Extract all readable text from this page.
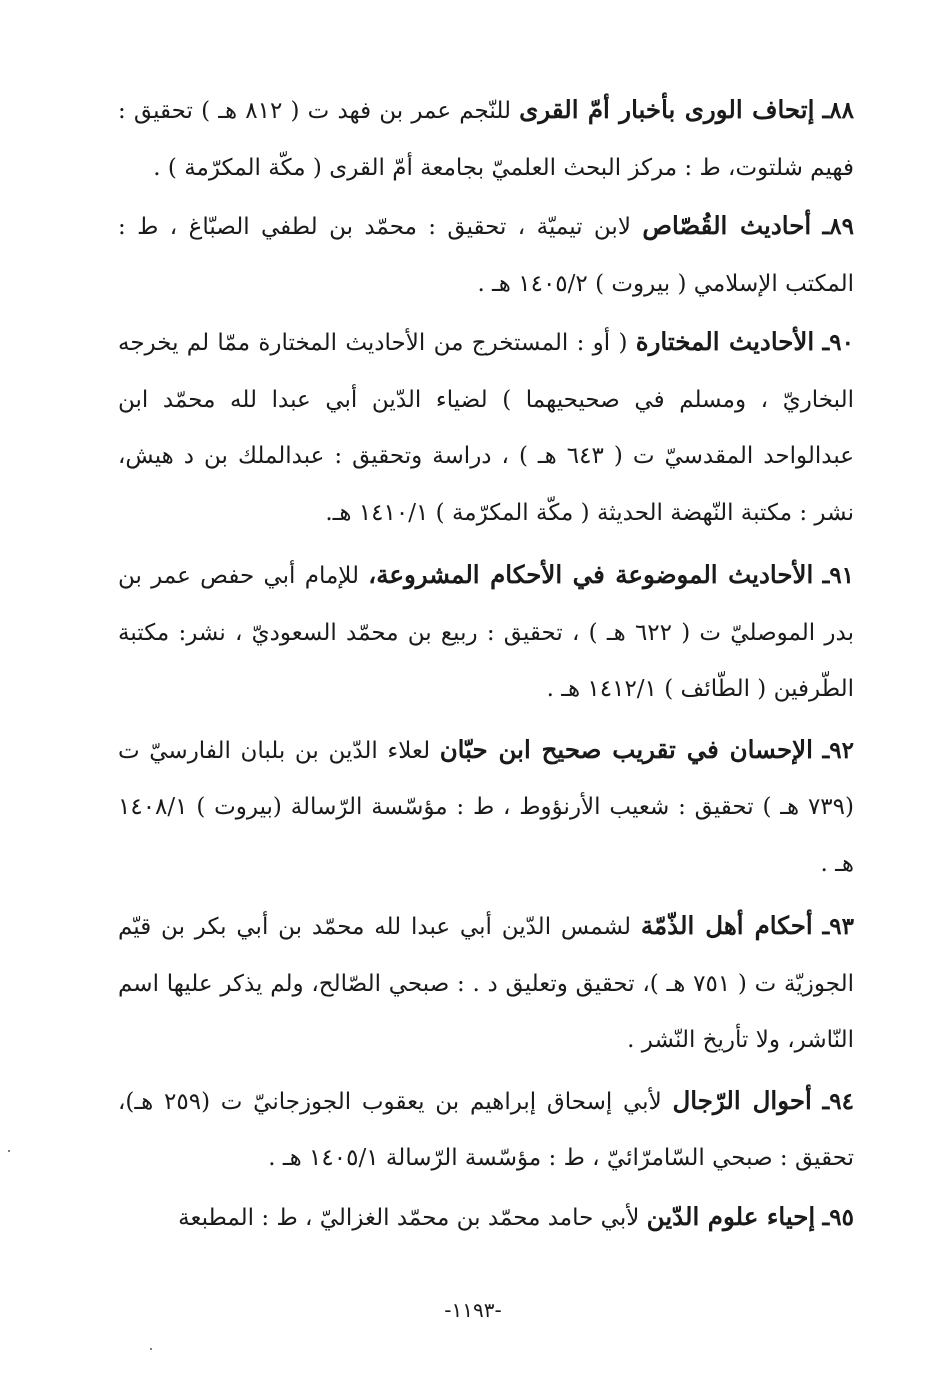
٨٨ـ إتحاف الورى بأخبار أمّ القرى للنّجم عمر بن فهد ت ( ٨١٢ هـ ) تحقيق : فهيم شلتوت، ط : مركز البحث العلميّ بجامعة أمّ القرى ( مكّة المكرّمة ) .
٨٩ـ أحاديث القُصّاص لابن تيميّة ، تحقيق : محمّد بن لطفي الصبّاغ ، ط : المكتب الإسلامي ( بيروت ) ١٤٠٥/٢ هـ .
٩٠ـ الأحاديث المختارة ( أو : المستخرج من الأحاديث المختارة ممّا لم يخرجه البخاريّ ، ومسلم في صحيحيهما ) لضياء الدّين أبي عبدا لله محمّد ابن عبدالواحد المقدسيّ ت ( ٦٤٣ هـ ) ، دراسة وتحقيق : عبدالملك بن د هيش، نشر : مكتبة النّهضة الحديثة ( مكّة المكرّمة ) ١٤١٠/١ هـ.
٩١ـ الأحاديث الموضوعة في الأحكام المشروعة، للإمام أبي حفص عمر بن بدر الموصليّ ت ( ٦٢٢ هـ ) ، تحقيق : ربيع بن محمّد السعوديّ ، نشر: مكتبة الطّرفين ( الطّائف ) ١٤١٢/١ هـ .
٩٢ـ الإحسان في تقريب صحيح ابن حبّان لعلاء الدّين بن بلبان الفارسيّ ت (٧٣٩ هـ ) تحقيق : شعيب الأرنؤوط ، ط : مؤسّسة الرّسالة (بيروت ) ١٤٠٨/١ هـ .
٩٣ـ أحكام أهل الذّمّة لشمس الدّين أبي عبدا لله محمّد بن أبي بكر بن قيّم الجوزيّة ت ( ٧٥١ هـ )، تحقيق وتعليق د . : صبحي الصّالح، ولم يذكر عليها اسم النّاشر، ولا تأريخ النّشر .
٩٤ـ أحوال الرّجال لأبي إسحاق إبراهيم بن يعقوب الجوزجانيّ ت (٢٥٩ هـ)، تحقيق : صبحي السّامرّائيّ ، ط : مؤسّسة الرّسالة ١٤٠٥/١ هـ .
٩٥ـ إحياء علوم الدّين لأبي حامد محمّد بن محمّد الغزاليّ ، ط : المطبعة
-١١٩٣-
